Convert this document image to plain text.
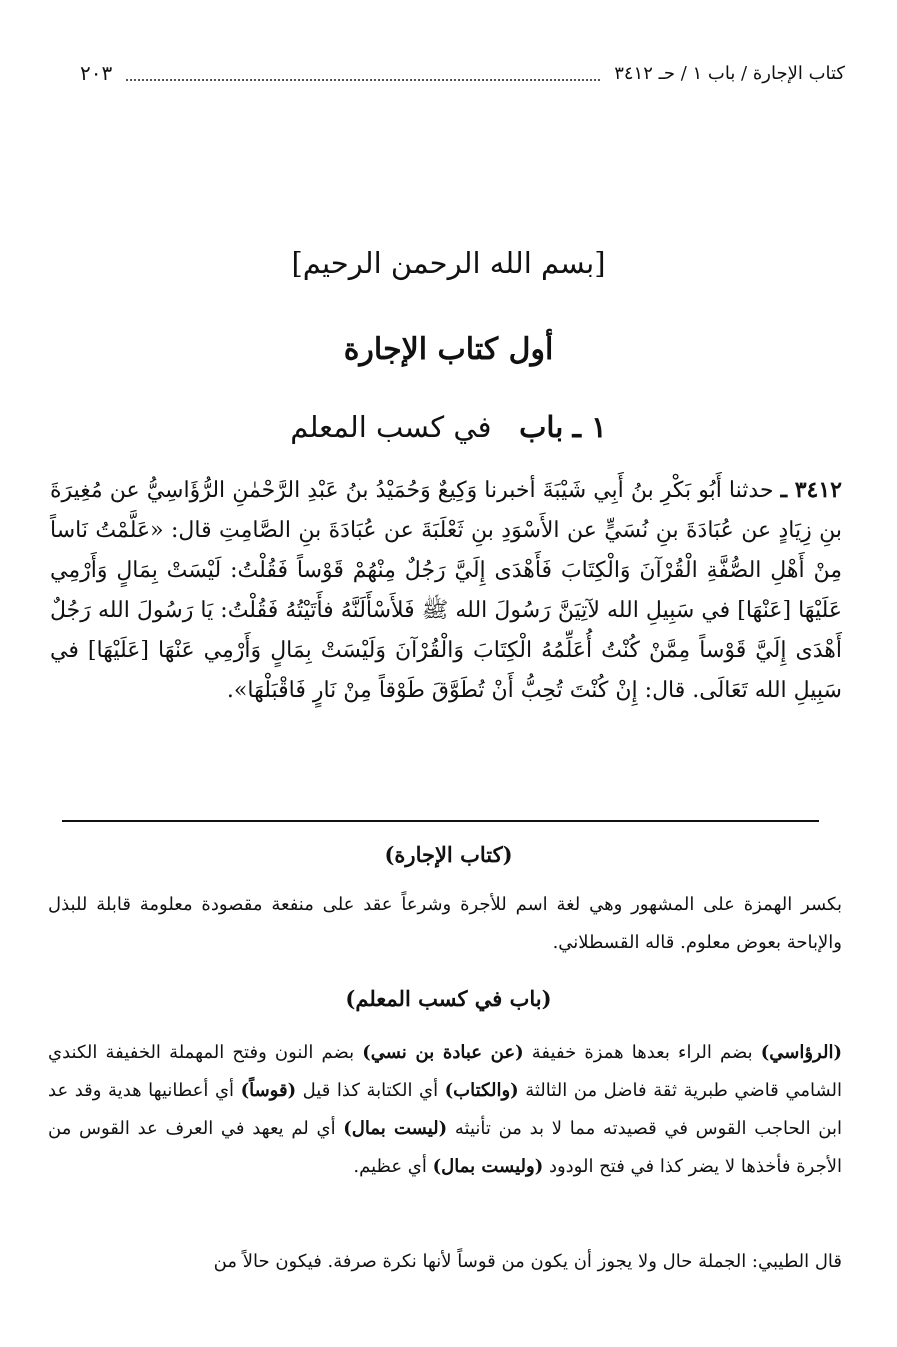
كتاب الإجارة / باب ١ / حـ ٣٤١٢
٢٠٣
[بسم الله الرحمن الرحيم]
أول كتاب الإجارة
١ ـ باب   في كسب المعلم
٣٤١٢ ـ حدثنا أَبُو بَكْرِ بنُ أَبِي شَيْبَةَ أخبرنا وَكِيعٌ وَحُمَيْدُ بنُ عَبْدِ الرَّحْمٰنِ الرُّؤَاسِيُّ عن مُغِيرَةَ بنِ زِيَادٍ عن عُبَادَةَ بنِ نُسَيٍّ عن الأَسْوَدِ بنِ ثَعْلَبَةَ عن عُبَادَةَ بنِ الصَّامِتِ قال: «عَلَّمْتُ نَاساً مِنْ أَهْلِ الصُّفَّةِ الْقُرْآنَ وَالْكِتَابَ فَأَهْدَى إِلَيَّ رَجُلٌ مِنْهُمْ قَوْساً فَقُلْتُ: لَيْسَتْ بِمَالٍ وَأَرْمِي عَلَيْهَا [عَنْهَا] في سَبِيلِ الله لآتِيَنَّ رَسُولَ الله ﷺ فَلأَسْأَلَنَّهُ فأَتَيْتُهُ فَقُلْتُ: يَا رَسُولَ الله رَجُلٌ أَهْدَى إِلَيَّ قَوْساً مِمَّنْ كُنْتُ أُعَلِّمُهُ الْكِتَابَ وَالْقُرْآنَ وَلَيْسَتْ بِمَالٍ وَأَرْمِي عَنْهَا [عَلَيْهَا] في سَبِيلِ الله تَعَالَى. قال: إِنْ كُنْتَ تُحِبُّ أَنْ تُطَوَّقَ طَوْقاً مِنْ نَارٍ فَاقْبَلْهَا».
(كتاب الإجارة)
بكسر الهمزة على المشهور وهي لغة اسم للأجرة وشرعاً عقد على منفعة مقصودة معلومة قابلة للبذل والإباحة بعوض معلوم. قاله القسطلاني.
(باب في كسب المعلم)
(الرؤاسي) بضم الراء بعدها همزة خفيفة (عن عبادة بن نسي) بضم النون وفتح المهملة الخفيفة الكندي الشامي قاضي طبرية ثقة فاضل من الثالثة (والكتاب) أي الكتابة كذا قيل (قوساً) أي أعطانيها هدية وقد عد ابن الحاجب القوس في قصيدته مما لا بد من تأنيثه (ليست بمال) أي لم يعهد في العرف عد القوس من الأجرة فأخذها لا يضر كذا في فتح الودود (وليست بمال) أي عظيم.
قال الطيبي: الجملة حال ولا يجوز أن يكون من قوساً لأنها نكرة صرفة. فيكون حالاً من
